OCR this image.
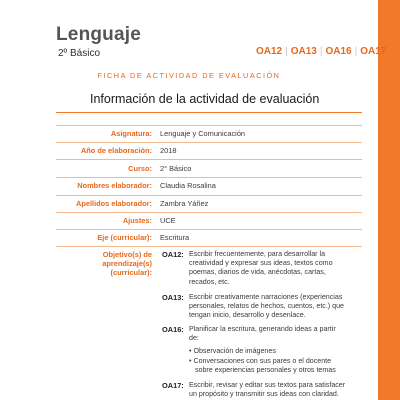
Lenguaje
2º Básico	OA12 | OA13 | OA16 | OA17
FICHA DE ACTIVIDAD DE EVALUACIÓN
Información de la actividad de evaluación
Asignatura: Lenguaje y Comunicación
Año de elaboración: 2018
Curso: 2° Básico
Nombres elaborador: Claudia Rosalina
Apellidos elaborador: Zambra Yáñez
Ajustes: UCE
Eje (curricular): Escritura
Objetivo(s) de
aprendizaje(s)
(curricular):
OA12: Escribir frecuentemente, para desarrollar la
creatividad y expresar sus ideas, textos como
poemas, diarios de vida, anécdotas, cartas,
recados, etc.
OA13: Escribir creativamente narraciones (experiencias
personales, relatos de hechos, cuentos, etc.) que
tengan inicio, desarrollo y desenlace.
OA16: Planificar la escritura, generando ideas a partir
de:
• Observación de imágenes
• Conversaciones con sus pares o el docente
sobre experiencias personales y otros temas
OA17: Escribir, revisar y editar sus textos para satisfacer
un propósito y transmitir sus ideas con claridad.
